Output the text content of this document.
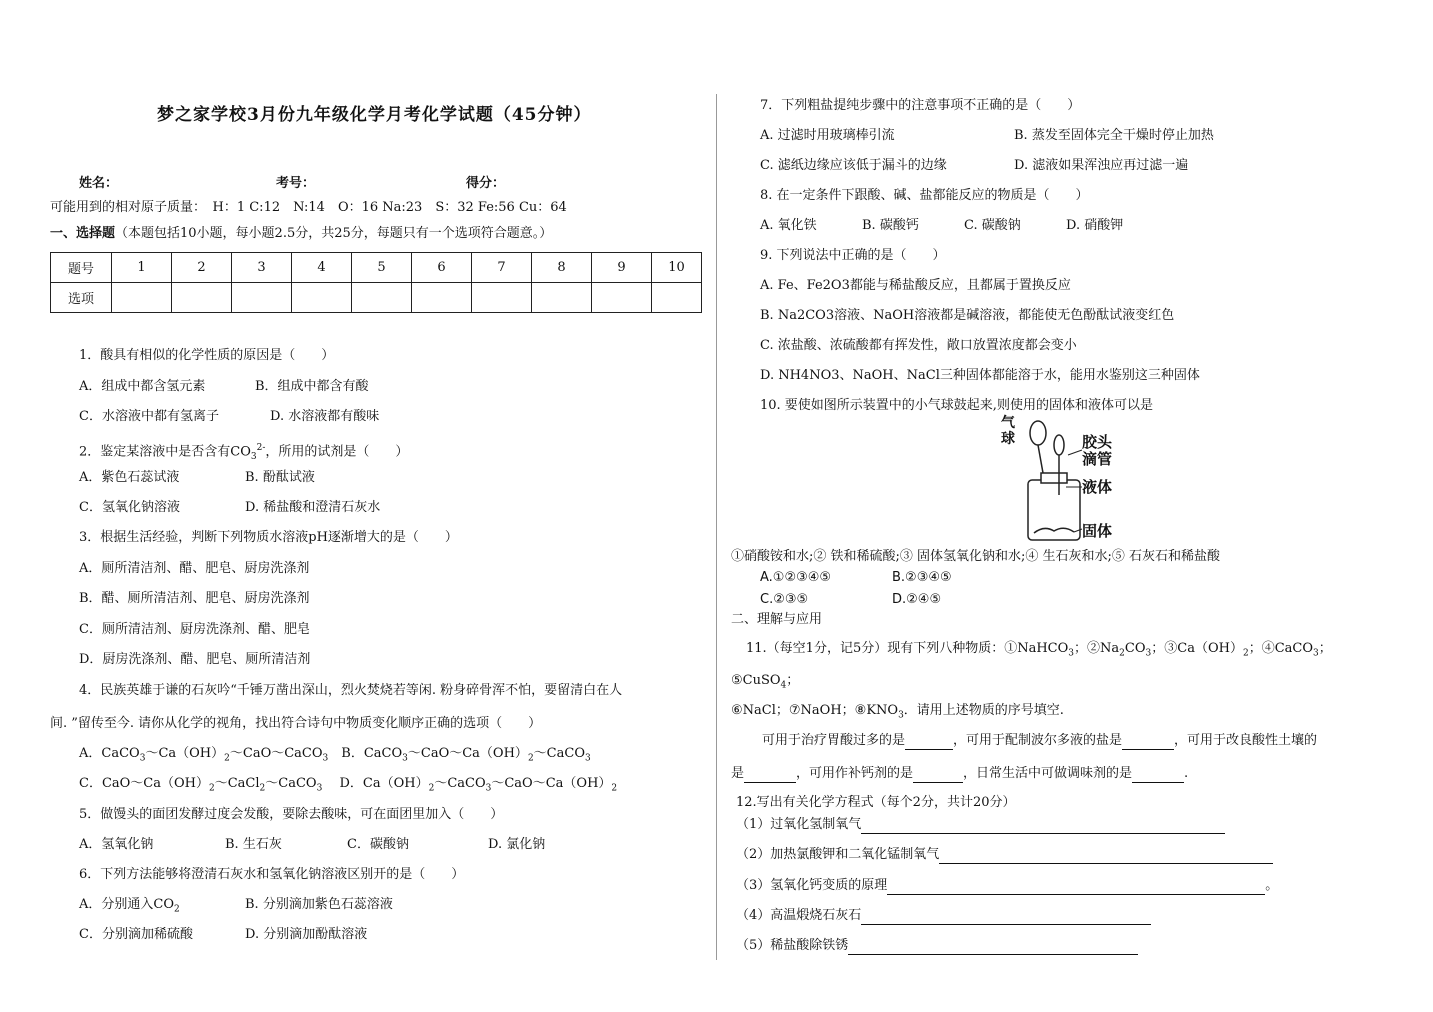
梦之家学校3月份九年级化学月考化学试题（45分钟）
姓名：	考号：	得分：
可能用到的相对原子质量：　H：1 C:12　N:14　O：16 Na:23　S：32 Fe:56 Cu：64
一、选择题（本题包括10小题，每小题2.5分，共25分，每题只有一个选项符合题意。）
题号	1	2	3	4	5	6	7	8	9	10
选项										
1．酸具有相似的化学性质的原因是（　　）
A．组成中都含氢元素	B．组成中都含有酸
C．水溶液中都有氢离子	D. 水溶液都有酸味
2．鉴定某溶液中是否含有$CO_3^{2-}$，所用的试剂是（　　）
A．紫色石蕊试液	B. 酚酞试液
C．氢氧化钠溶液	D. 稀盐酸和澄清石灰水
3．根据生活经验，判断下列物质水溶液pH逐渐增大的是（　　）
A．厕所清洁剂、醋、肥皂、厨房洗涤剂
B．醋、厕所清洁剂、肥皂、厨房洗涤剂
C．厕所清洁剂、厨房洗涤剂、醋、肥皂
D．厨房洗涤剂、醋、肥皂、厕所清洁剂
4．民族英雄于谦的石灰吟“千锤万凿出深山，烈火焚烧若等闲. 粉身碎骨浑不怕，要留清白在人
间. ”留传至今. 请你从化学的视角，找出符合诗句中物质变化顺序正确的选项（　　）
A．$CaCO_3\sim Ca(OH)_2\sim CaO\sim CaCO_3$　B．$CaCO_3\sim CaO\sim Ca(OH)_2\sim CaCO_3$
C．$CaO\sim Ca(OH)_2\sim CaCl_2\sim CaCO_3$　 D．$Ca(OH)_2\sim CaCO_3\sim CaO\sim Ca(OH)_2$
5．做馒头的面团发酵过度会发酸，要除去酸味，可在面团里加入（　　）
A．氢氧化钠	B. 生石灰	C．碳酸钠	D. 氯化钠
6．下列方法能够将澄清石灰水和氢氧化钠溶液区别开的是（　　）
A．分别通入$CO_2$	B. 分别滴加紫色石蕊溶液
C．分别滴加稀硫酸	D. 分别滴加酚酞溶液
7．下列粗盐提纯步骤中的注意事项不正确的是（　　）
A. 过滤时用玻璃棒引流	B. 蒸发至固体完全干燥时停止加热
C. 滤纸边缘应该低于漏斗的边缘	D. 滤液如果浑浊应再过滤一遍
8. 在一定条件下跟酸、碱、盐都能反应的物质是（　　）
A. 氧化铁	B. 碳酸钙	C. 碳酸钠	D. 硝酸钾
9. 下列说法中正确的是（　　）
A. Fe、Fe2O3都能与稀盐酸反应，且都属于置换反应
B. Na2CO3溶液、NaOH溶液都是碱溶液，都能使无色酚酞试液变红色
C. 浓盐酸、浓硫酸都有挥发性，敞口放置浓度都会变小
D. NH4NO3、NaOH、NaCl三种固体都能溶于水，能用水鉴别这三种固体
10. 要使如图所示装置中的小气球鼓起来,则使用的固体和液体可以是
气
球	胶头
滴管
液体
固体
①硝酸铵和水;② 铁和稀硫酸;③ 固体氢氧化钠和水;④ 生石灰和水;⑤ 石灰石和稀盐酸
A.①②③④⑤	B.②③④⑤
C.②③⑤	D.②④⑤
二、理解与应用
11.（每空1分，记5分）现有下列八种物质：①NaHCO$_3$；$②Na_2CO_3$；$③Ca(OH)_2$；④CaCO$_3$；
⑤CuSO$_4$；
⑥NaCl；⑦NaOH；$⑧KNO_3$．请用上述物质的序号填空.
可用于治疗胃酸过多的是	，可用于配制波尔多液的盐是	，可用于改良酸性土壤的
是	，可用作补钙剂的是	，日常生活中可做调味剂的是	.
12.写出有关化学方程式（每个2分，共计20分）
（1）过氧化氢制氧气
（2）加热氯酸钾和二氧化锰制氧气
（3）氢氧化钙变质的原理	。
（4）高温煅烧石灰石
（5）稀盐酸除铁锈
